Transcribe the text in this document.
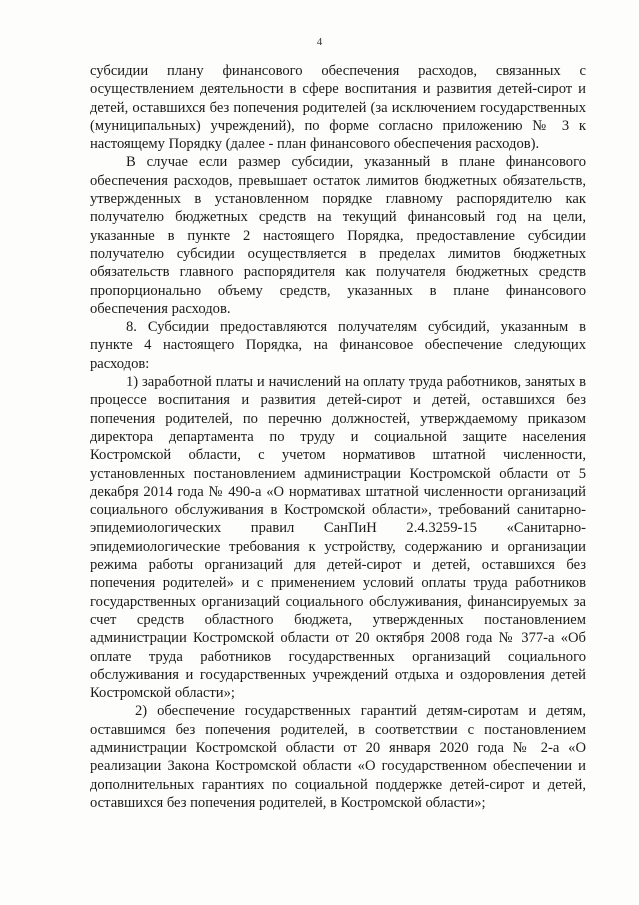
4

субсидии плану финансового обеспечения расходов, связанных с осуществлением деятельности в сфере воспитания и развития детей-сирот и детей, оставшихся без попечения родителей (за исключением государственных (муниципальных) учреждений), по форме согласно приложению № 3 к настоящему Порядку (далее - план финансового обеспечения расходов).

В случае если размер субсидии, указанный в плане финансового обеспечения расходов, превышает остаток лимитов бюджетных обязательств, утвержденных в установленном порядке главному распорядителю как получателю бюджетных средств на текущий финансовый год на цели, указанные в пункте 2 настоящего Порядка, предоставление субсидии получателю субсидии осуществляется в пределах лимитов бюджетных обязательств главного распорядителя как получателя бюджетных средств пропорционально объему средств, указанных в плане финансового обеспечения расходов.

8. Субсидии предоставляются получателям субсидий, указанным в пункте 4 настоящего Порядка, на финансовое обеспечение следующих расходов:

1) заработной платы и начислений на оплату труда работников, занятых в процессе воспитания и развития детей-сирот и детей, оставшихся без попечения родителей, по перечню должностей, утверждаемому приказом директора департамента по труду и социальной защите населения Костромской области, с учетом нормативов штатной численности, установленных постановлением администрации Костромской области от 5 декабря 2014 года № 490-а «О нормативах штатной численности организаций социального обслуживания в Костромской области», требований санитарно-эпидемиологических правил СанПиН 2.4.3259-15 «Санитарно-эпидемиологические требования к устройству, содержанию и организации режима работы организаций для детей-сирот и детей, оставшихся без попечения родителей» и с применением условий оплаты труда работников государственных организаций социального обслуживания, финансируемых за счет средств областного бюджета, утвержденных постановлением администрации Костромской области от 20 октября 2008 года № 377-а «Об оплате труда работников государственных организаций социального обслуживания и государственных учреждений отдыха и оздоровления детей Костромской области»;

2) обеспечение государственных гарантий детям-сиротам и детям, оставшимся без попечения родителей, в соответствии с постановлением администрации Костромской области от 20 января 2020 года № 2-а «О реализации Закона Костромской области «О государственном обеспечении и дополнительных гарантиях по социальной поддержке детей-сирот и детей, оставшихся без попечения родителей, в Костромской области»;
